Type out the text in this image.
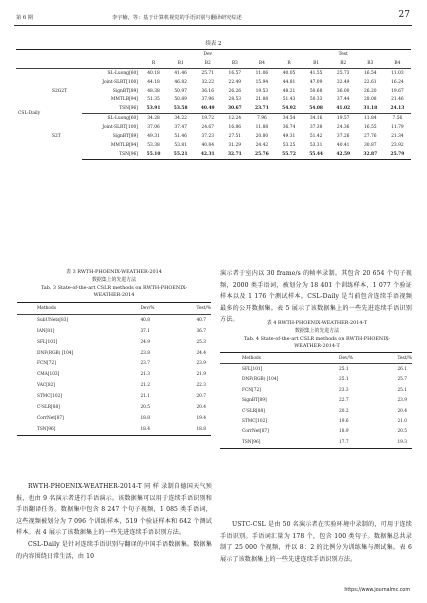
第 6 期	李宇楠，等：基于计算机视觉的手语识别与翻译研究综述	27
续表 2
			Dev					Test				
			R	B1	B2	B3	B4	R	B1	B2	B3	B4
CSL-Daily	S2G2T	SL-Luong[60]	40.18	41.46	25.71	16.57	11.06	40.05	41.55	25.73	16.54	11.03
		Joint-SLRT[100]	44.18	46.82	32.22	22.49	15.94	44.81	47.09	32.49	22.61	16.24
		SignBT[89]	48.38	50.97	36.16	26.26	19.53	48.21	50.68	36.00	26.20	19.67
		MMTLB[94]	51.35	50.89	37.96	28.53	21.88	51.43	50.33	37.44	28.08	21.46
		TSN[96]	53.91	53.58	40.49	30.67	23.71	54.92	54.08	41.02	31.18	24.13
	S2T	SL-Luong[60]	34.28	34.22	19.72	12.24	7.96	34.54	34.16	19.57	11.84	7.56
		Joint-SLRT[100]	37.06	37.47	24.67	16.86	11.88	36.74	37.38	24.36	16.55	11.79
		SignBT[89]	49.31	51.46	37.23	27.51	20.80	49.31	51.42	37.26	27.76	21.34
		MMTLB[94]	53.38	53.81	40.84	31.29	24.42	53.25	53.31	40.41	30.87	23.92
		TSN[96]	55.10	55.21	42.31	32.71	25.76	55.72	55.44	42.59	32.87	25.79
表 3 RWTH-PHOENIX-WEATHER-2014
数据集上的先进方法
Tab. 3 State-of-the-art CSLR methods on RWTH-PHOENIX-
WEATHER-2014
Methods	Dev/%	Test/%
SubUNets[83]	40.8	40.7
IAN[81]	37.1	36.7
SFL[101]	24.9	25.3
DNF(RGB) [104]	23.8	24.4
FCN[72]	23.7	23.9
CMA[103]	21.3	21.9
VAC[82]	21.2	22.3
STMC[102]	21.1	20.7
C²SLR[88]	20.5	20.4
CorrNet[87]	18.8	19.4
TSN[96]	18.4	18.8
演示者于室内以 30 frame/s 的帧率录制。其包含 20 654 个句子视频，2000 类手语词，被划分为 18 401 个训练样本，1 077 个验证样本以及 1 176 个测试样本。CSL-Daily 是当前包含连续手语视频最多的公开数据集。表 5 展示了该数据集上的一些先进连续手语识别方法。	表 4 RWTH-PHOENIX-WEATHER-2014-T
数据集上的先进方法
Tab. 4 State-of-the-art CSLR methods on RWTH-PHOENIX-
WEATHER-2014-T
Methods	Dev/%	Test/%
SFL[101]	25.1	26.1
DNF(RGB) [104]	25.1	25.7
FCN[72]	23.3	25.1
SignBT[89]	22.7	23.9
C²SLR[88]	20.2	20.4
STMC[102]	19.6	21.0
CorrNet[87]	18.9	20.5
TSN[96]	17.7	19.3
RWTH-PHOENIX-WEATHER-2014-T 同 样 录制自德国天气预报，也由 9 名演示者进行手语演示。该数据集可以用于连续手语识别和手语翻译任务。数据集中包含 8 247 个句子视频，1 085 类手语词，这些视频被划分为 7 096 个训练样本，519 个验证样本和 642 个测试样本。表 4 展示了该数据集上的一些先进连续手语识别方法。
CSL-Daily 是针对连续手语识别与翻译的中国手语数据集。数据集的内容围绕日常生活，由 10
USTC-CSL 是由 50 名演示者在实验环境中录制的，可用于连续手语识别。手语词汇量为 178 个，包含 100 类句子。数据集总共录制了 25 000 个视频，并以 8：2 的比例分为训练集与测试集。表 6 展示了该数据集上的一些先进连续手语识别方法。
https://www.journalmc.com
